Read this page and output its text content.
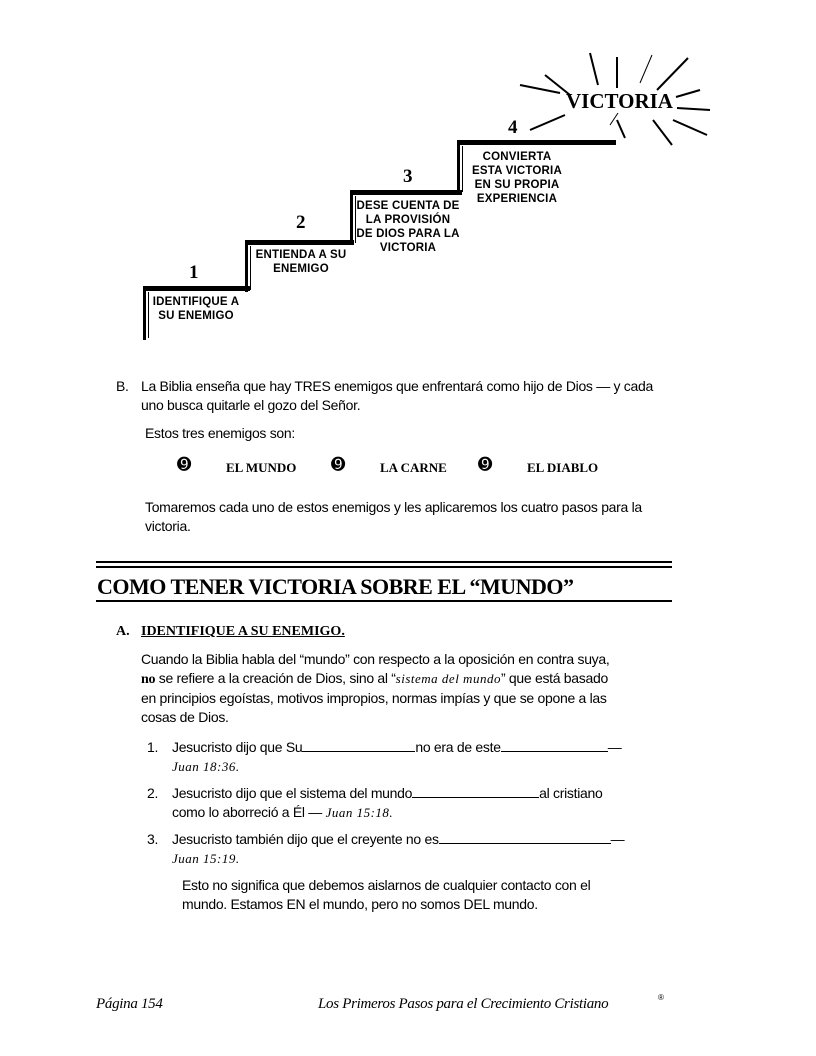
VICTORIA
1
2
3
4
IDENTIFIQUE A SU ENEMIGO
ENTIENDA A SU ENEMIGO
DESE CUENTA DE LA PROVISIÓN DE DIOS PARA LA VICTORIA
CONVIERTA ESTA VICTORIA EN SU PROPIA EXPERIENCIA
B. La Biblia enseña que hay TRES enemigos que enfrentará como hijo de Dios — y cada uno busca quitarle el gozo del Señor.
Estos tres enemigos son:
➒	EL MUNDO ➒	LA CARNE ➒	EL DIABLO
Tomaremos cada uno de estos enemigos y les aplicaremos los cuatro pasos para la victoria.
COMO TENER VICTORIA SOBRE EL “MUNDO”
A. IDENTIFIQUE A SU ENEMIGO.
Cuando la Biblia habla del “mundo” con respecto a la oposición en contra suya,
no se refiere a la creación de Dios, sino al “sistema del mundo” que está basado
en principios egoístas, motivos impropios, normas impías y que se opone a las
cosas de Dios.
1. Jesucristo dijo que Su	no era de este	—
Juan 18:36.
2. Jesucristo dijo que el sistema del mundo	al cristiano
como lo aborreció a Él — Juan 15:18.
3. Jesucristo también dijo que el creyente no es	—
Juan 15:19.
Esto no significa que debemos aislarnos de cualquier contacto con el
mundo. Estamos EN el mundo, pero no somos DEL mundo.
Página 154	Los Primeros Pasos para el Crecimiento Cristiano	®
